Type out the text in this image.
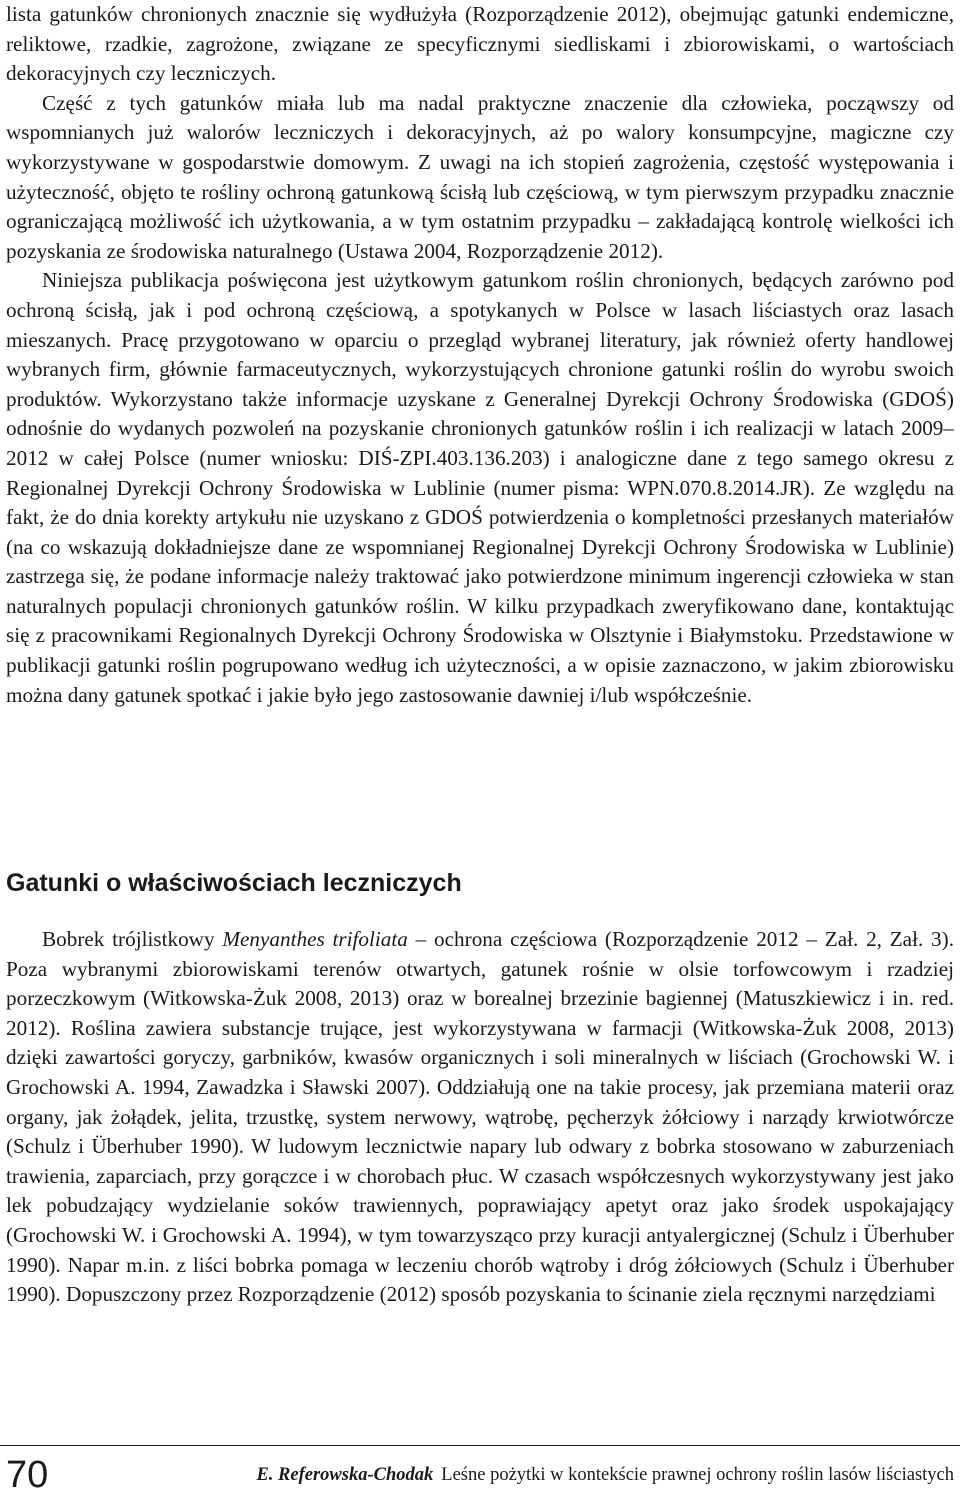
lista gatunków chronionych znacznie się wydłużyła (Rozporządzenie 2012), obejmując gatunki endemiczne, reliktowe, rzadkie, zagrożone, związane ze specyficznymi siedliskami i zbiorowiskami, o wartościach dekoracyjnych czy leczniczych.

Część z tych gatunków miała lub ma nadal praktyczne znaczenie dla człowieka, począwszy od wspomnianych już walorów leczniczych i dekoracyjnych, aż po walory konsumpcyjne, magiczne czy wykorzystywane w gospodarstwie domowym. Z uwagi na ich stopień zagrożenia, częstość występowania i użyteczność, objęto te rośliny ochroną gatunkową ścisłą lub częściową, w tym pierwszym przypadku znacznie ograniczającą możliwość ich użytkowania, a w tym ostatnim przypadku – zakładającą kontrolę wielkości ich pozyskania ze środowiska naturalnego (Ustawa 2004, Rozporządzenie 2012).

Niniejsza publikacja poświęcona jest użytkowym gatunkom roślin chronionych, będących zarówno pod ochroną ścisłą, jak i pod ochroną częściową, a spotykanych w Polsce w lasach liściastych oraz lasach mieszanych. Pracę przygotowano w oparciu o przegląd wybranej literatury, jak również oferty handlowej wybranych firm, głównie farmaceutycznych, wykorzystujących chronione gatunki roślin do wyrobu swoich produktów. Wykorzystano także informacje uzyskane z Generalnej Dyrekcji Ochrony Środowiska (GDOŚ) odnośnie do wydanych pozwoleń na pozyskanie chronionych gatunków roślin i ich realizacji w latach 2009–2012 w całej Polsce (numer wniosku: DIŚ-ZPI.403.136.203) i analogiczne dane z tego samego okresu z Regionalnej Dyrekcji Ochrony Środowiska w Lublinie (numer pisma: WPN.070.8.2014.JR). Ze względu na fakt, że do dnia korekty artykułu nie uzyskano z GDOŚ potwierdzenia o kompletności przesłanych materiałów (na co wskazują dokładniejsze dane ze wspomnianej Regionalnej Dyrekcji Ochrony Środowiska w Lublinie) zastrzega się, że podane informacje należy traktować jako potwierdzone minimum ingerencji człowieka w stan naturalnych populacji chronionych gatunków roślin. W kilku przypadkach zweryfikowano dane, kontaktując się z pracownikami Regionalnych Dyrekcji Ochrony Środowiska w Olsztynie i Białymstoku. Przedstawione w publikacji gatunki roślin pogrupowano według ich użyteczności, a w opisie zaznaczono, w jakim zbiorowisku można dany gatunek spotkać i jakie było jego zastosowanie dawniej i/lub współcześnie.

Gatunki o właściwościach leczniczych

Bobrek trójlistkowy Menyanthes trifoliata – ochrona częściowa (Rozporządzenie 2012 – Zał. 2, Zał. 3). Poza wybranymi zbiorowiskami terenów otwartych, gatunek rośnie w olsie torfowcowym i rzadziej porzeczkowym (Witkowska-Żuk 2008, 2013) oraz w borealnej brzezinie bagiennej (Matuszkiewicz i in. red. 2012). Roślina zawiera substancje trujące, jest wykorzystywana w farmacji (Witkowska-Żuk 2008, 2013) dzięki zawartości goryczy, garbników, kwasów organicznych i soli mineralnych w liściach (Grochowski W. i Grochowski A. 1994, Zawadzka i Sławski 2007). Oddziałują one na takie procesy, jak przemiana materii oraz organy, jak żołądek, jelita, trzustkę, system nerwowy, wątrobę, pęcherzyk żółciowy i narządy krwiotwórcze (Schulz i Überhuber 1990). W ludowym lecznictwie napary lub odwary z bobrka stosowano w zaburzeniach trawienia, zaparciach, przy gorączce i w chorobach płuc. W czasach współczesnych wykorzystywany jest jako lek pobudzający wydzielanie soków trawiennych, poprawiający apetyt oraz jako środek uspokajający (Grochowski W. i Grochowski A. 1994), w tym towarzysząco przy kuracji antyalergicznej (Schulz i Überhuber 1990). Napar m.in. z liści bobrka pomaga w leczeniu chorób wątroby i dróg żółciowych (Schulz i Überhuber 1990). Dopuszczony przez Rozporządzenie (2012) sposób pozyskania to ścinanie ziela ręcznymi narzędziami

70	E. Referowska-Chodak Leśne pożytki w kontekście prawnej ochrony roślin lasów liściastych
